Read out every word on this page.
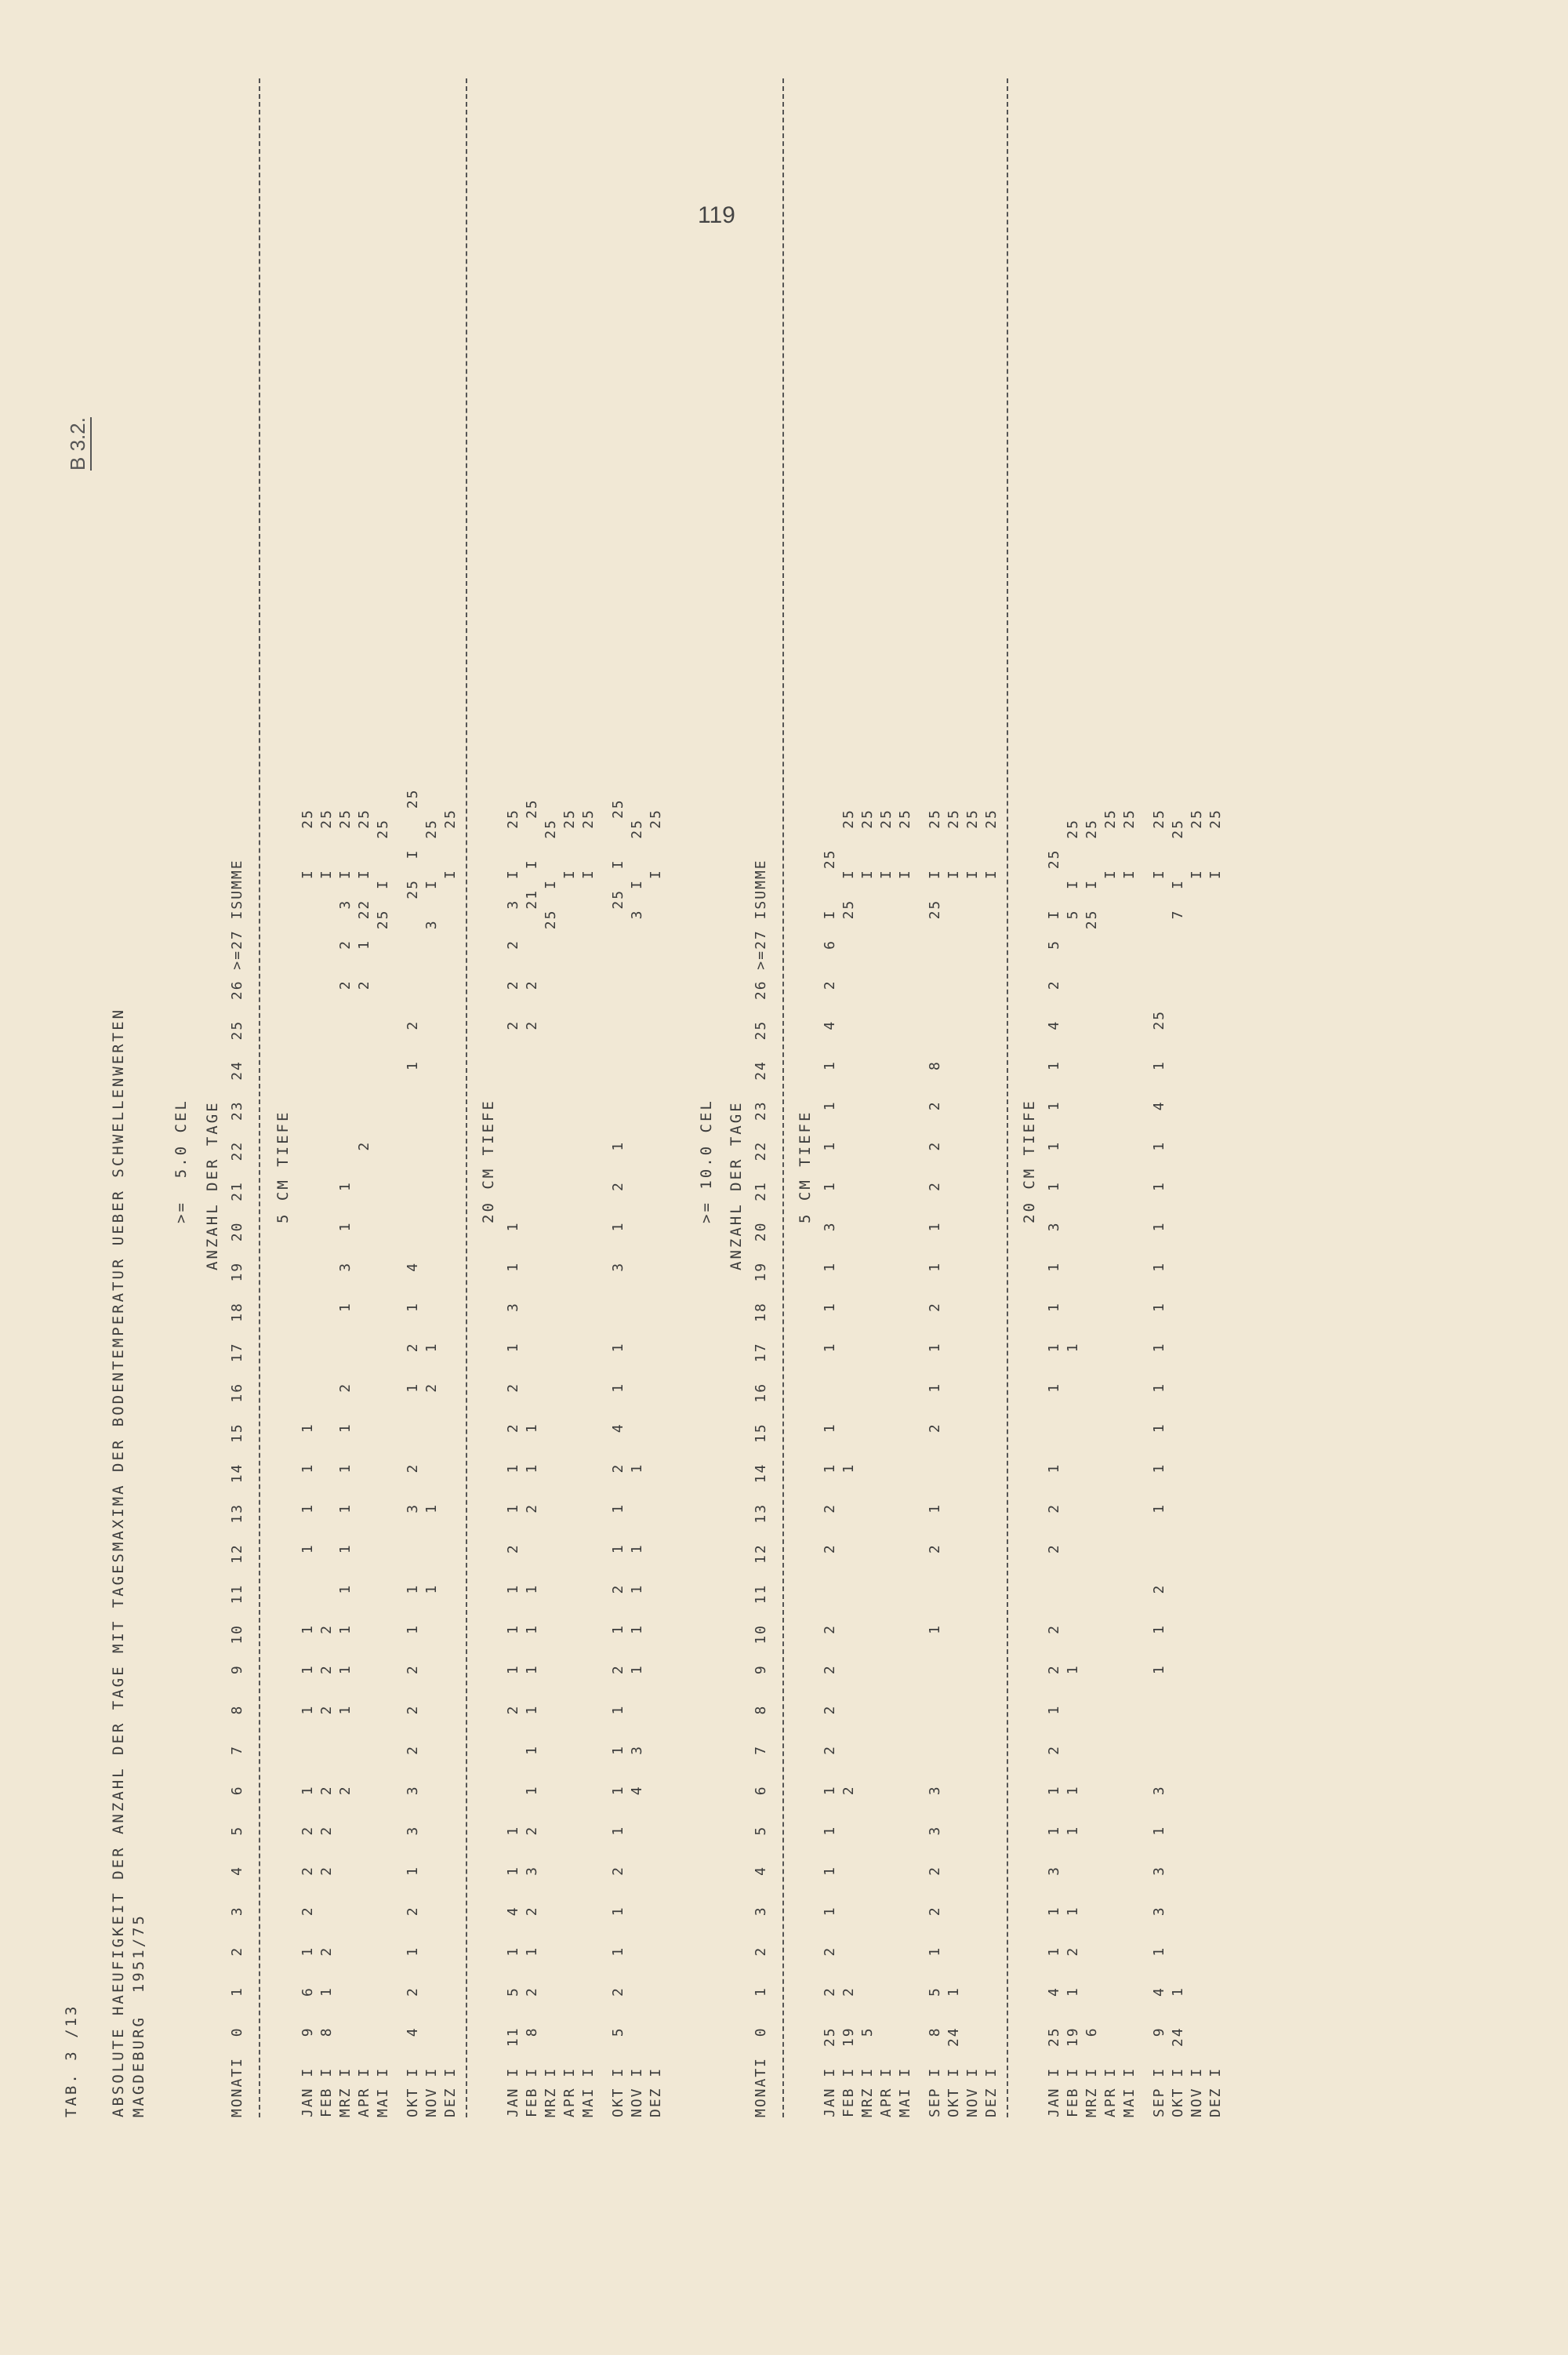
119
B 3.2.
TAB. 3 /13 ABSOLUTE HAEUFIGKEIT DER ANZAHL DER TAGE MIT TAGESMAXIMA DER BODENTEMPERATUR UEBER SCHWELLENWERTEN MAGDEBURG  1951/75
>=  5.0 CEL ANZAHL DER TAGE MONATI  0   1   2   3   4   5   6   7   8   9  10  11  12  13  14  15  16  17  18  19  20  21  22  23  24  25  26 >=27 ISUMME 5 CM TIEFE JAN I   9   6   1   2   2   2   1       1   1   1       1   1   1   1                                                      I    25 FEB I   8   1   2       2   2   2       2   2   2                                                                          I    25 MRZ I                           2       1   1   1   1   1   1   1   1   2       1   3   1   1                   2   2   3  I    25 APR I                                                                                           2               2   1  22  I    25 MAI I                                                                                                                 25  I    25 OKT I   4   2   1   2   1   3   3   2   2   2   1   1       3   2       1   2   1   4                   1   2            25  I    25 NOV I                                               1       1           2   1                                         3   I    25 DEZ I                                                                                                                      I    25 20 CM TIEFE JAN I  11   5   1   4   1   1           2   1   1   1   2   1   1   2   2   1   3   1   1                   2   2   2   3  I    25 FEB I   8   2   1   2   3   2   1   1   1   1   1   1       2   1   1                                       2   2       21  I    25 MRZ I                                                                                                                 25  I    25 APR I                                                                                                                      I    25 MAI I                                                                                                                      I    25 OKT I   5   2   1   1   2   1   1   1   1   2   1   2   1   1   2   4   1   1       3   1   2   1                       25  I    25 NOV I                           4   3       1   1   1   1       1                                                      3  I    25 DEZ I                                                                                                                      I    25 >= 10.0 CEL ANZAHL DER TAGE MONATI  0   1   2   3   4   5   6   7   8   9  10  11  12  13  14  15  16  17  18  19  20  21  22  23  24  25  26 >=27 ISUMME 5 CM TIEFE JAN I  25   2   2   1   1   1   1   2   2   2   2       2   2   1   1       1   1   1   3   1   1   1   1   4   2   6  I    25 FEB I  19   2                   2                               1                                                      25  I    25 MRZ I   5                                                                                                                  I    25 APR I                                                                                                                      I    25 MAI I                                                                                                                      I    25 SEP I   8   5   1   2   2   3   3               1       2   1       2   1   1   2   1   1   2   2   2   8              25  I    25 OKT I  24   1                                                                                                              I    25 NOV I                                                                                                                      I    25 DEZ I                                                                                                                      I    25 20 CM TIEFE JAN I  25   4   1   1   3   1   1   2   1   2   2       2   2   1       1   1   1   1   3   1   1   1   1   4   2   5  I    25 FEB I  19   1   2   1       1   1           1                               1                                          5  I    25 MRZ I   6                                                                                                             25  I    25 APR I                                                                                                                      I    25 MAI I                                                                                                                      I    25 SEP I   9   4   1   3   3   1   3           1   1   2       1   1   1   1   1   1   1   1   1   1   4   1   25             I    25 OKT I  24   1                                                                                                          7  I    25 NOV I                                                                                                                      I    25 DEZ I                                                                                                                      I    25
